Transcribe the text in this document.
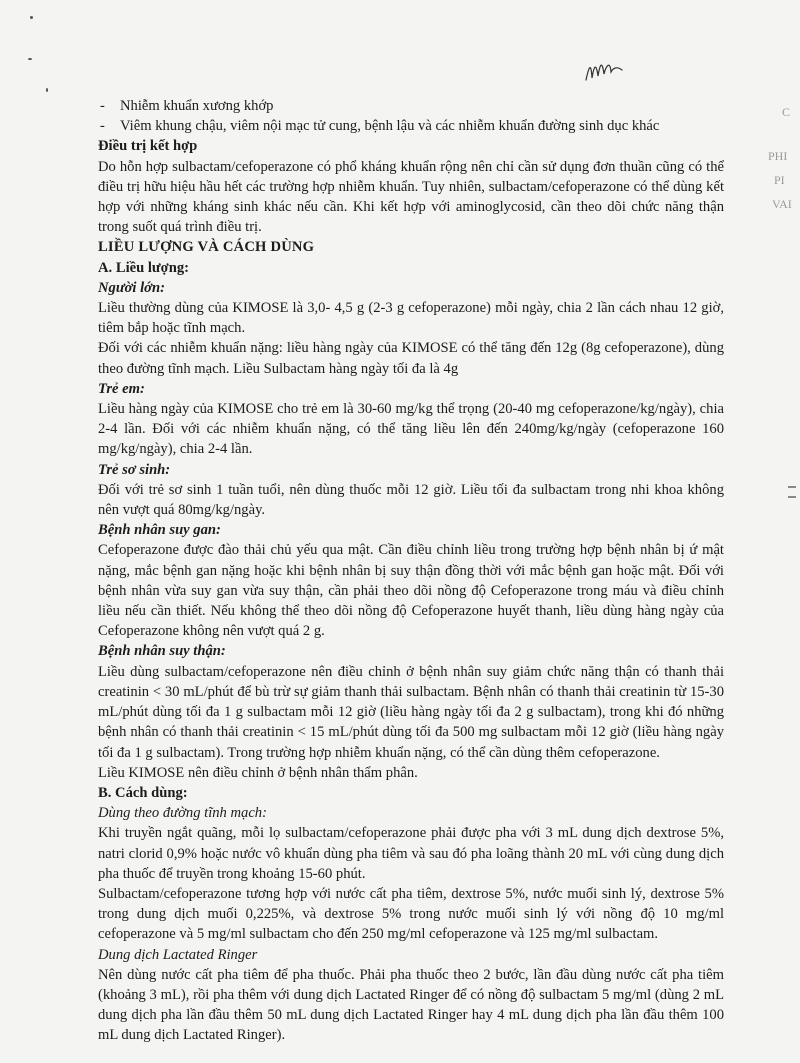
C
PHI
PI
VAI

- Nhiễm khuẩn xương khớp

- Viêm khung chậu, viêm nội mạc tử cung, bệnh lậu và các nhiễm khuẩn đường sinh dục khác

Điều trị kết hợp

Do hỗn hợp sulbactam/cefoperazone có phổ kháng khuẩn rộng nên chỉ cần sử dụng đơn thuần cũng có thể điều trị hữu hiệu hầu hết các trường hợp nhiễm khuẩn. Tuy nhiên, sulbactam/cefoperazone có thể dùng kết hợp với những kháng sinh khác nếu cần. Khi kết hợp với aminoglycosid, cần theo dõi chức năng thận trong suốt quá trình điều trị.

LIỀU LƯỢNG VÀ CÁCH DÙNG

A. Liều lượng:

Người lớn:

Liều thường dùng của KIMOSE là 3,0- 4,5 g (2-3 g cefoperazone) mỗi ngày, chia 2 lần cách nhau 12 giờ, tiêm bắp hoặc tĩnh mạch.

Đối với các nhiễm khuẩn nặng: liều hàng ngày của KIMOSE có thể tăng đến 12g (8g cefoperazone), dùng theo đường tĩnh mạch. Liều Sulbactam hàng ngày tối đa là 4g

Trẻ em:

Liều hàng ngày của KIMOSE cho trẻ em là 30-60 mg/kg thể trọng (20-40 mg cefoperazone/kg/ngày), chia 2-4 lần. Đối với các nhiễm khuẩn nặng, có thể tăng liều lên đến 240mg/kg/ngày (cefoperazone 160 mg/kg/ngày), chia 2-4 lần.

Trẻ sơ sinh:

Đối với trẻ sơ sinh 1 tuần tuổi, nên dùng thuốc mỗi 12 giờ. Liều tối đa sulbactam trong nhi khoa không nên vượt quá 80mg/kg/ngày.

Bệnh nhân suy gan:

Cefoperazone được đào thải chủ yếu qua mật. Cần điều chỉnh liều trong trường hợp bệnh nhân bị ứ mật nặng, mắc bệnh gan nặng hoặc khi bệnh nhân bị suy thận đồng thời với mắc bệnh gan hoặc mật. Đối với bệnh nhân vừa suy gan vừa suy thận, cần phải theo dõi nồng độ Cefoperazone trong máu và điều chỉnh liều nếu cần thiết. Nếu không thể theo dõi nồng độ Cefoperazone huyết thanh, liều dùng hàng ngày của Cefoperazone không nên vượt quá 2 g.

Bệnh nhân suy thận:

Liều dùng sulbactam/cefoperazone nên điều chỉnh ở bệnh nhân suy giảm chức năng thận có thanh thải creatinin < 30 mL/phút để bù trừ sự giảm thanh thải sulbactam. Bệnh nhân có thanh thải creatinin từ 15-30 mL/phút dùng tối đa 1 g sulbactam mỗi 12 giờ (liều hàng ngày tối đa 2 g sulbactam), trong khi đó những bệnh nhân có thanh thải creatinin < 15 mL/phút dùng tối đa 500 mg sulbactam mỗi 12 giờ (liều hàng ngày tối đa 1 g sulbactam). Trong trường hợp nhiễm khuẩn nặng, có thể cần dùng thêm cefoperazone.

Liều KIMOSE nên điều chỉnh ở bệnh nhân thẩm phân.

B. Cách dùng:

Dùng theo đường tĩnh mạch:

Khi truyền ngắt quãng, mỗi lọ sulbactam/cefoperazone phải được pha với 3 mL dung dịch dextrose 5%, natri clorid 0,9% hoặc nước vô khuẩn dùng pha tiêm và sau đó pha loãng thành 20 mL với cùng dung dịch pha thuốc để truyền trong khoảng 15-60 phút.

Sulbactam/cefoperazone tương hợp với nước cất pha tiêm, dextrose 5%, nước muối sinh lý, dextrose 5% trong dung dịch muối 0,225%, và dextrose 5% trong nước muối sinh lý với nồng độ 10 mg/ml cefoperazone và 5 mg/ml sulbactam cho đến 250 mg/ml cefoperazone và 125 mg/ml sulbactam.

Dung dịch Lactated Ringer

Nên dùng nước cất pha tiêm để pha thuốc. Phải pha thuốc theo 2 bước, lần đầu dùng nước cất pha tiêm (khoảng 3 mL), rồi pha thêm với dung dịch Lactated Ringer để có nồng độ sulbactam 5 mg/ml (dùng 2 mL dung dịch pha lần đầu thêm 50 mL dung dịch Lactated Ringer hay 4 mL dung dịch pha lần đầu thêm 100 mL dung dịch Lactated Ringer).
